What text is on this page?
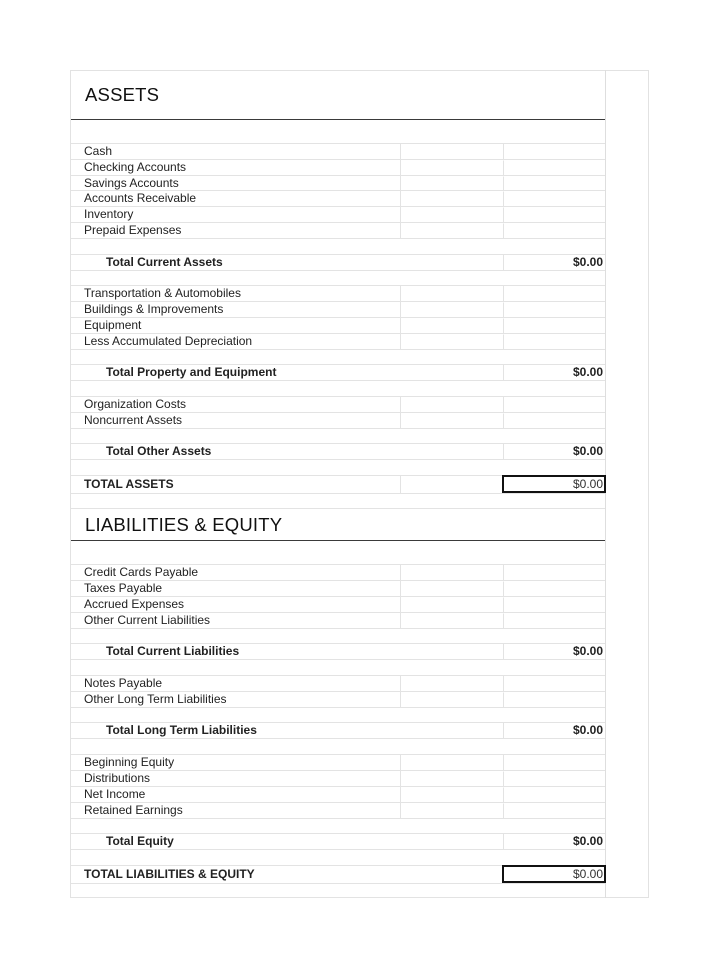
ASSETS
Cash
Checking Accounts
Savings Accounts
Accounts Receivable
Inventory
Prepaid Expenses
Total Current Assets	$0.00
Transportation & Automobiles
Buildings & Improvements
Equipment
Less Accumulated Depreciation
Total Property and Equipment	$0.00
Organization Costs
Noncurrent Assets
Total Other Assets	$0.00
TOTAL ASSETS	$0.00
LIABILITIES & EQUITY
Credit Cards Payable
Taxes Payable
Accrued Expenses
Other Current Liabilities
Total Current Liabilities	$0.00
Notes Payable
Other Long Term Liabilities
Total Long Term Liabilities	$0.00
Beginning Equity
Distributions
Net Income
Retained Earnings
Total Equity	$0.00
TOTAL LIABILITIES & EQUITY	$0.00
